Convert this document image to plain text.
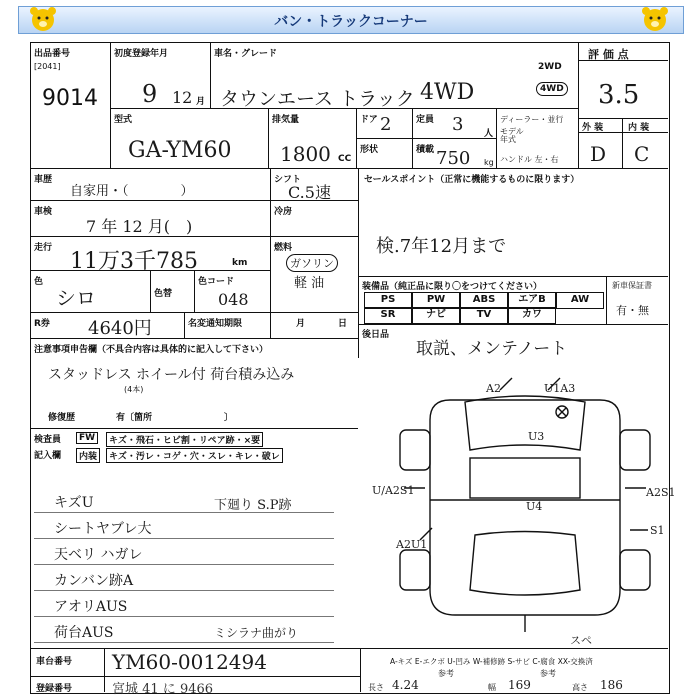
バン・トラックコーナー
出品番号
[2041]
9014
初度登録年月
9 12 月
車名・グレード
タウンエース トラック 4WD
2WD
4WD
評 価 点
3.5
外 装	内 装
D C
型式
GA-YM60
排気量
1800 CC
ドア 2	定員 3 人
ディーラー・並行
モデル年式
形状	積載 750 kg ハンドル 左・右
車歴
自家用・（　　　　）
シフト
C.5速
車検
7 年 12 月(　)
冷房
走行
11万3千785	km
燃料
ガソリン
軽 油
色
シロ	色替
色コード
048
R券 4640円	名変通知期限	月	日
セールスポイント（正常に機能するものに限ります）
検.7年12月まで
装備品（純正品に限り〇をつけてください）	新車保証書
有・無
PS	PW	ABS	エアB	AW
SR	ナビ	TV	カワ
後日品
取説、メンテノート
注意事項申告欄（不具合内容は具体的に記入して下さい）
スタッドレス ホイール付 荷台積み込み
(4本)
修復歴	有〔箇所　　　　　　　　〕
検査員
記入欄
FW	キズ・飛石・ヒビ割・リペア跡・×要
内装	キズ・汚レ・コゲ・穴・スレ・キレ・破レ
キズU
シートヤブレ大
天ベリ ハガレ
カンバン跡A
アオリAUS
荷台AUS
下廻り S.P跡
ミシラナ曲がり
A2	U1A3
U3
U/A2S1
U4
A2S1
S1
A2U1
スペ
A-キズ E-エクボ U-凹み W-補修跡 S-サビ C-腐食 XX-交換済
車台番号 YM60-0012494
登録番号	宮城 41 に 9466	長さ 4.24
参考
幅 169
参考
高さ 186
